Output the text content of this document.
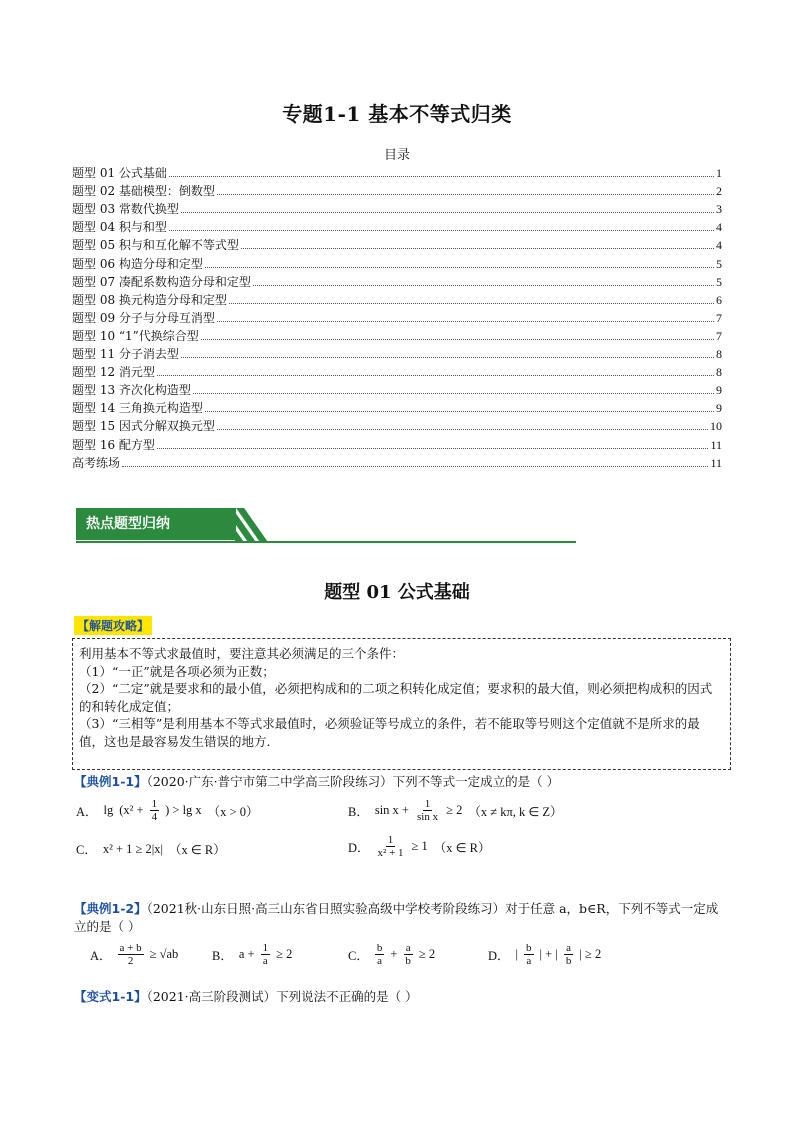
专题1-1 基本不等式归类
目录
题型 01 公式基础	1
题型 02 基础模型：倒数型	2
题型 03 常数代换型	3
题型 04 积与和型	4
题型 05 积与和互化解不等式型	4
题型 06 构造分母和定型	5
题型 07 凑配系数构造分母和定型	5
题型 08 换元构造分母和定型	6
题型 09 分子与分母互消型	7
题型 10 “1”代换综合型	7
题型 11 分子消去型	8
题型 12 消元型	8
题型 13 齐次化构造型	9
题型 14 三角换元构造型	9
题型 15 因式分解双换元型	10
题型 16 配方型	11
高考练场	11
热点题型归纳
题型 01 公式基础
【解题攻略】

利用基本不等式求最值时，要注意其必须满足的三个条件：

（1）“一正”就是各项必须为正数；

（2）“二定”就是要求和的最小值，必须把构成和的二项之积转化成定值；要求积的最大值，则必须把构成积的因式的和转化成定值；

（3）“三相等”是利用基本不等式求最值时，必须验证等号成立的条件，若不能取等号则这个定值就不是所求的最值，这也是最容易发生错误的地方.

【典例1-1】（2020·广东·普宁市第二中学高三阶段练习）下列不等式一定成立的是（ ）
A． $\lg (x^2 + \frac{1}{4}$ ) > lg x （x > 0）	B． $\sin x + \frac{1}{\text{sin x}} \ge 2$ （x ≠ kπ, k ∈ Z）
C． x² + 1 ≥ 2|x| （x ∈ R）	D． $\frac{1}{\text{x² + 1}} \ge 1$ （x ∈ R）
【典例1-2】（2021秋·山东日照·高三山东省日照实验高级中学校考阶段练习）对于任意 a，b∈R，下列不等式一定成立的是（ ）
A． $\frac{a + b}{2} \ge √ab$	B． $a + \frac{1}{a} \ge 2$	C． $\frac{b}{a} + \frac{a}{b} \ge 2$	D． | $\frac{b}{a}$ | + | $\frac{a}{b}$ | ≥ 2
【变式1-1】（2021·高三阶段测试）下列说法不正确的是（ ）
